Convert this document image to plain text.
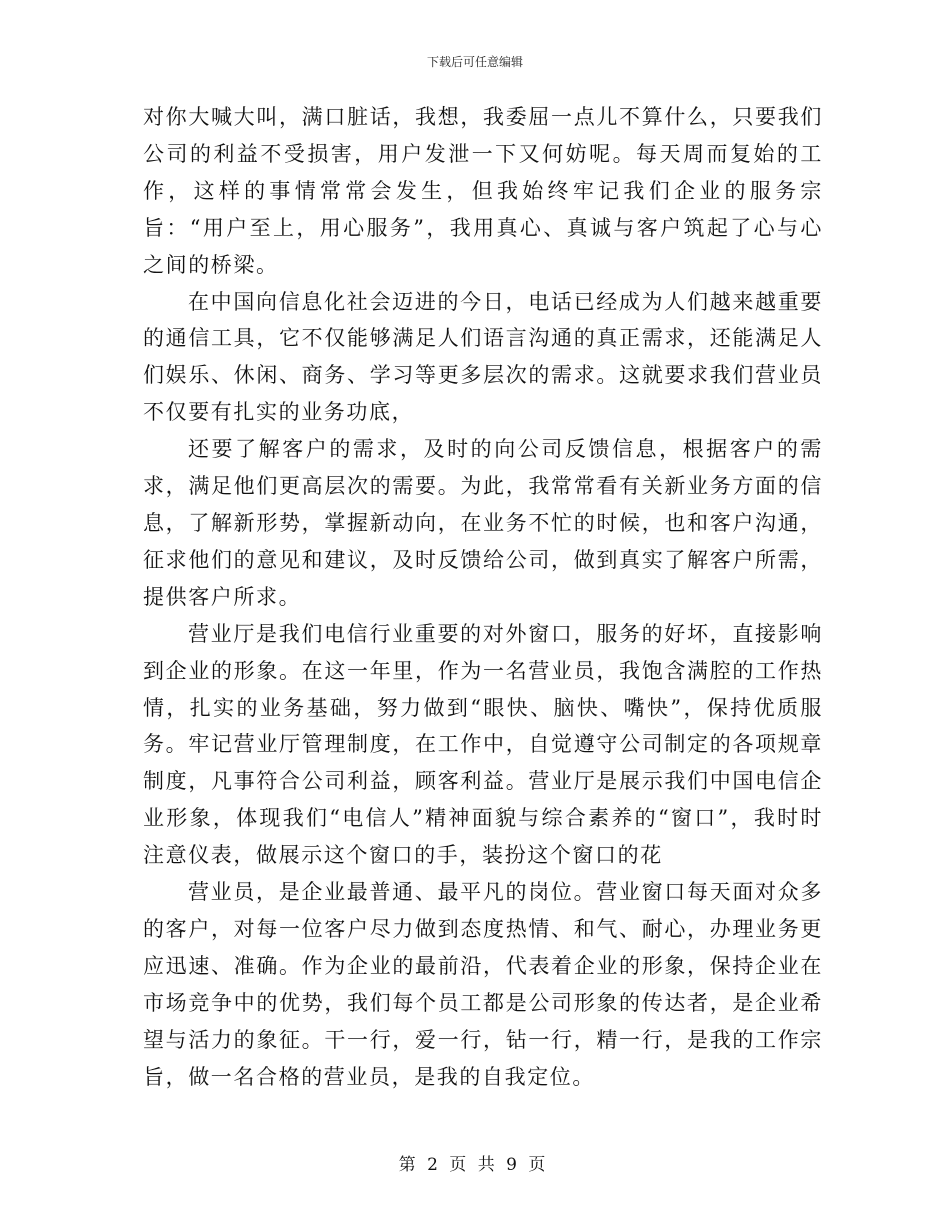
下载后可任意编辑

对你大喊大叫，满口脏话，我想，我委屈一点儿不算什么，只要我们公司的利益不受损害，用户发泄一下又何妨呢。每天周而复始的工作，这样的事情常常会发生，但我始终牢记我们企业的服务宗旨：“用户至上，用心服务”，我用真心、真诚与客户筑起了心与心之间的桥梁。

在中国向信息化社会迈进的今日，电话已经成为人们越来越重要的通信工具，它不仅能够满足人们语言沟通的真正需求，还能满足人们娱乐、休闲、商务、学习等更多层次的需求。这就要求我们营业员不仅要有扎实的业务功底，

还要了解客户的需求，及时的向公司反馈信息，根据客户的需求，满足他们更高层次的需要。为此，我常常看有关新业务方面的信息，了解新形势，掌握新动向，在业务不忙的时候，也和客户沟通，征求他们的意见和建议，及时反馈给公司，做到真实了解客户所需，提供客户所求。

营业厅是我们电信行业重要的对外窗口，服务的好坏，直接影响到企业的形象。在这一年里，作为一名营业员，我饱含满腔的工作热情，扎实的业务基础，努力做到“眼快、脑快、嘴快”，保持优质服务。牢记营业厅管理制度，在工作中，自觉遵守公司制定的各项规章制度，凡事符合公司利益，顾客利益。营业厅是展示我们中国电信企业形象，体现我们“电信人”精神面貌与综合素养的“窗口”，我时时注意仪表，做展示这个窗口的手，装扮这个窗口的花

营业员，是企业最普通、最平凡的岗位。营业窗口每天面对众多的客户，对每一位客户尽力做到态度热情、和气、耐心，办理业务更应迅速、准确。作为企业的最前沿，代表着企业的形象，保持企业在市场竞争中的优势，我们每个员工都是公司形象的传达者，是企业希望与活力的象征。干一行，爱一行，钻一行，精一行，是我的工作宗旨，做一名合格的营业员，是我的自我定位。

第 2 页 共 9 页
